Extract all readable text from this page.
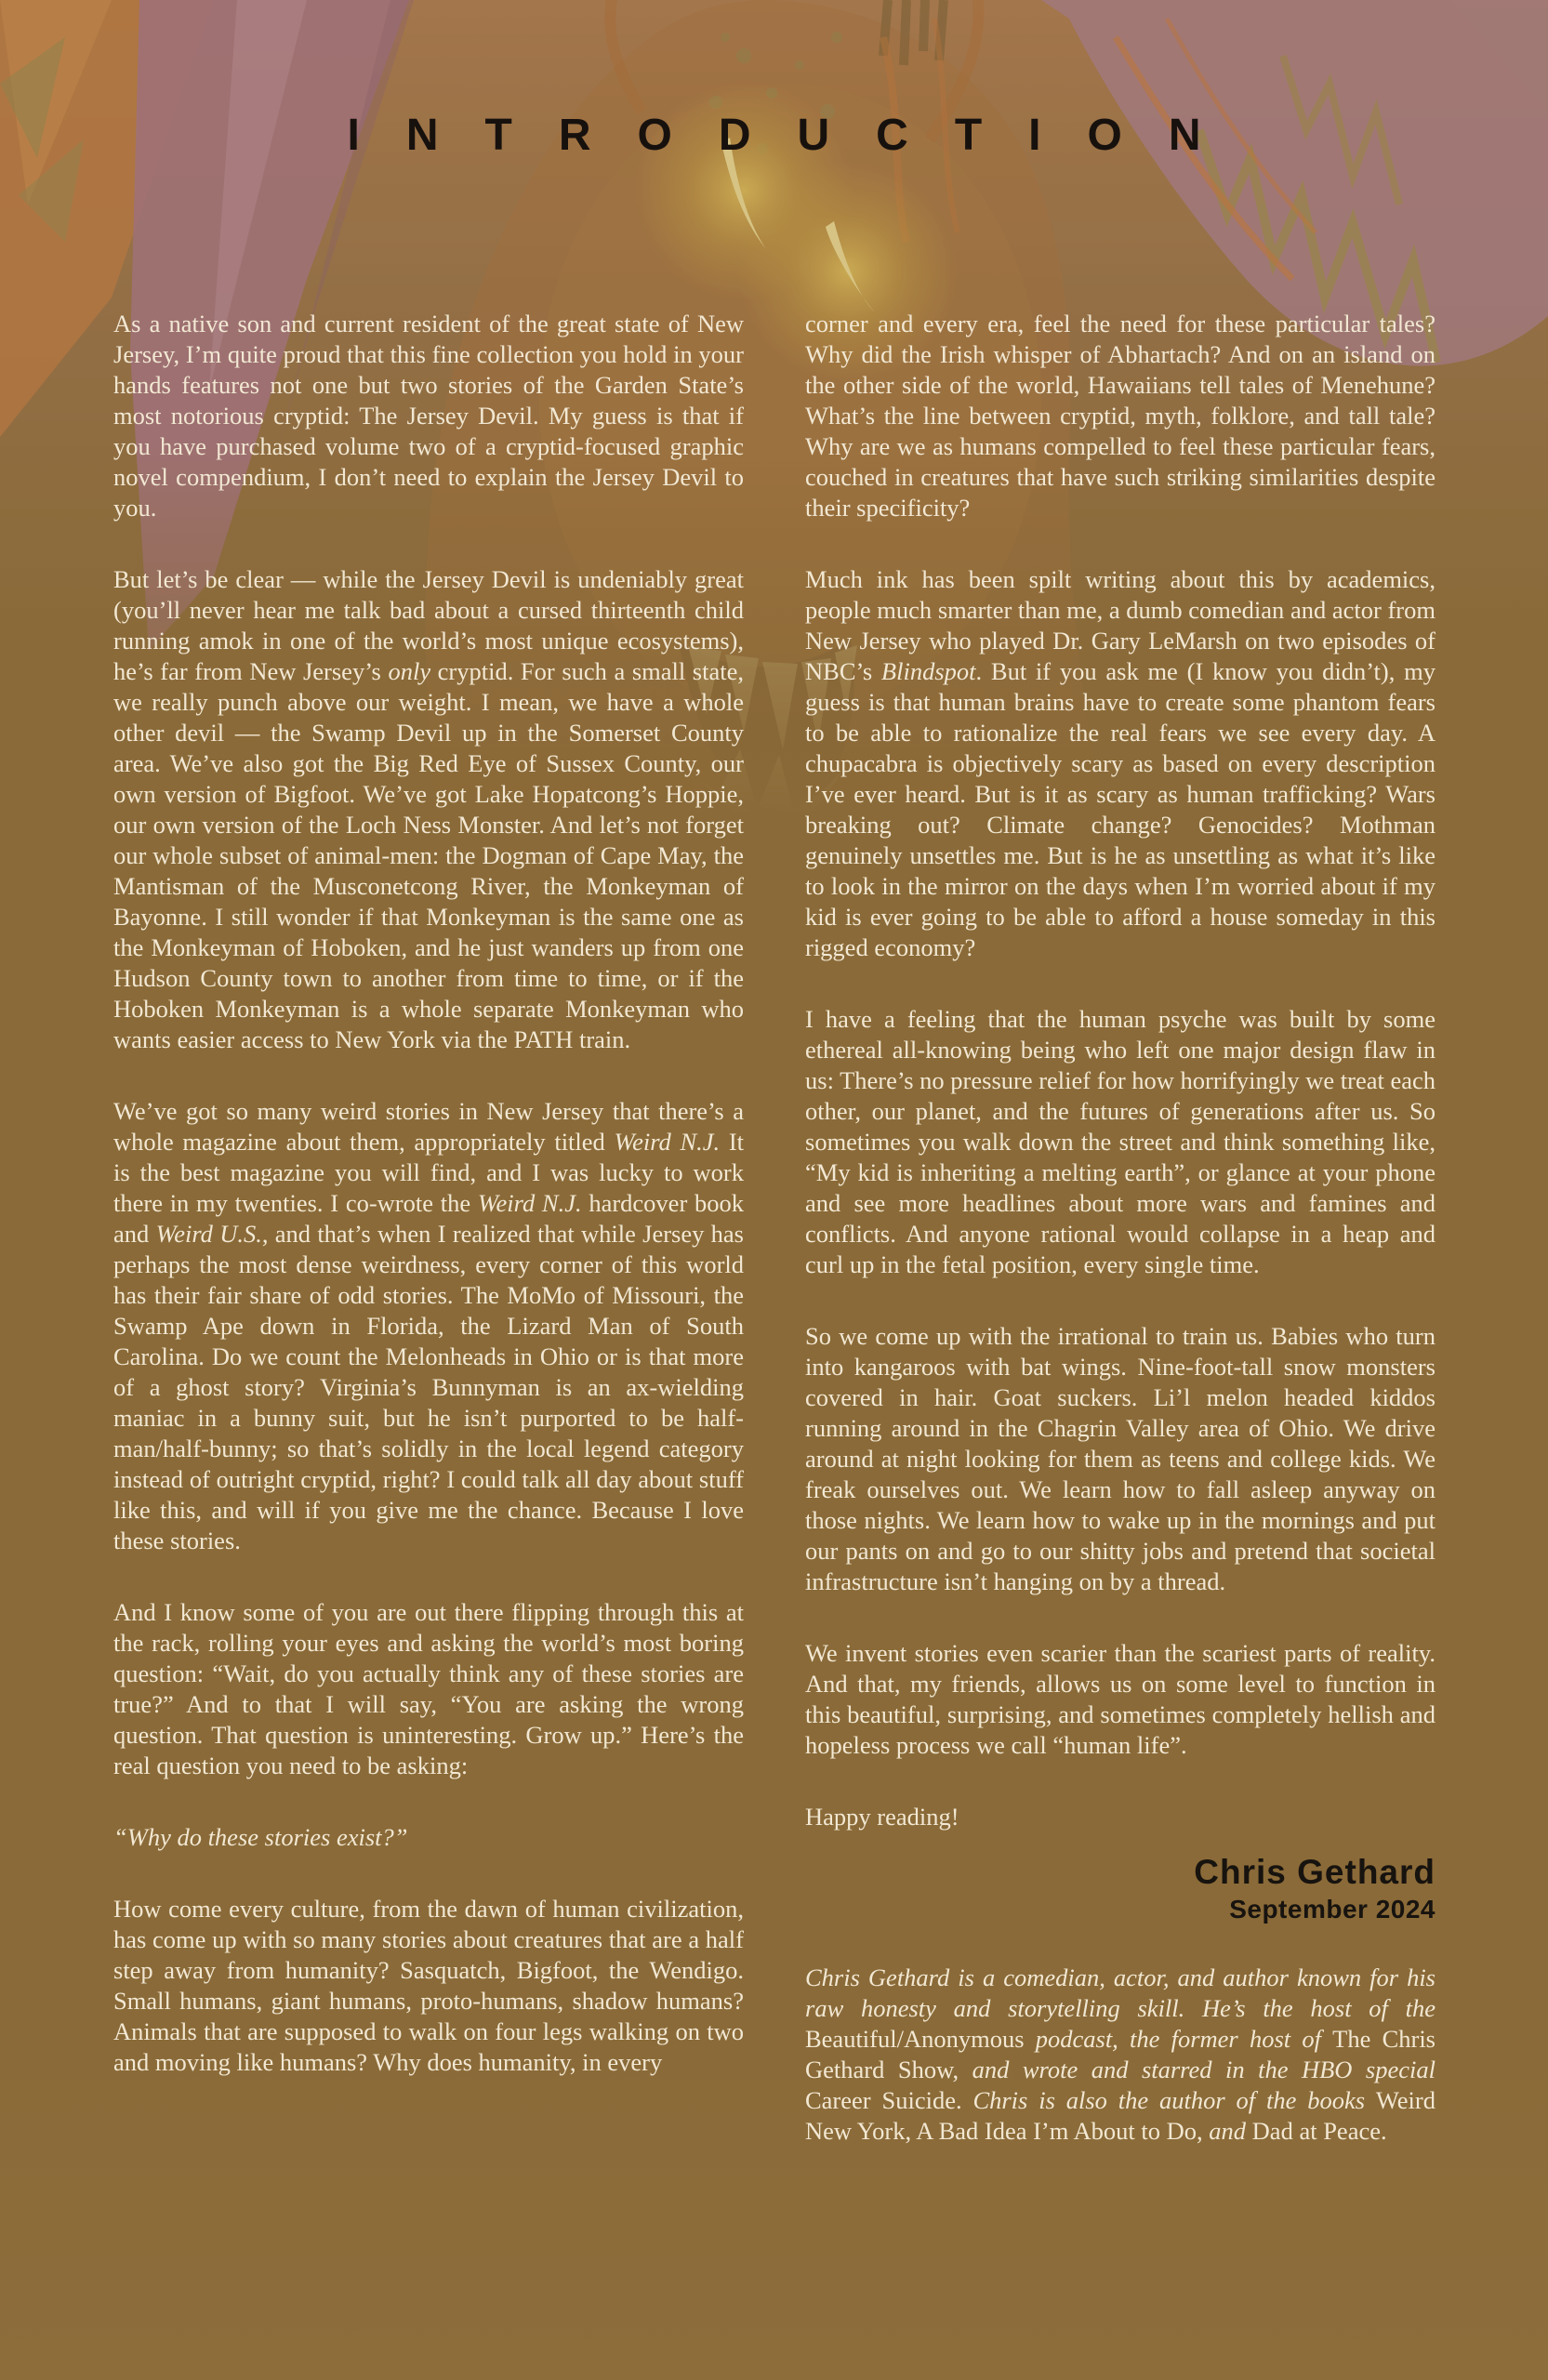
INTRODUCTION

As a native son and current resident of the great state of New Jersey, I’m quite proud that this fine collection you hold in your hands features not one but two stories of the Garden State’s most notorious cryptid: The Jersey Devil. My guess is that if you have purchased volume two of a cryptid-focused graphic novel compendium, I don’t need to explain the Jersey Devil to you.

But let’s be clear — while the Jersey Devil is undeniably great (you’ll never hear me talk bad about a cursed thirteenth child running amok in one of the world’s most unique ecosystems), he’s far from New Jersey’s only cryptid. For such a small state, we really punch above our weight. I mean, we have a whole other devil — the Swamp Devil up in the Somerset County area. We’ve also got the Big Red Eye of Sussex County, our own version of Bigfoot. We’ve got Lake Hopatcong’s Hoppie, our own version of the Loch Ness Monster. And let’s not forget our whole subset of animal-men: the Dogman of Cape May, the Mantisman of the Musconetcong River, the Monkeyman of Bayonne. I still wonder if that Monkeyman is the same one as the Monkeyman of Hoboken, and he just wanders up from one Hudson County town to another from time to time, or if the Hoboken Monkeyman is a whole separate Monkeyman who wants easier access to New York via the PATH train.

We’ve got so many weird stories in New Jersey that there’s a whole magazine about them, appropriately titled Weird N.J. It is the best magazine you will find, and I was lucky to work there in my twenties. I co-wrote the Weird N.J. hardcover book and Weird U.S., and that’s when I realized that while Jersey has perhaps the most dense weirdness, every corner of this world has their fair share of odd stories. The MoMo of Missouri, the Swamp Ape down in Florida, the Lizard Man of South Carolina. Do we count the Melonheads in Ohio or is that more of a ghost story? Virginia’s Bunnyman is an ax-wielding maniac in a bunny suit, but he isn’t purported to be half-man/half-bunny; so that’s solidly in the local legend category instead of outright cryptid, right? I could talk all day about stuff like this, and will if you give me the chance. Because I love these stories.

And I know some of you are out there flipping through this at the rack, rolling your eyes and asking the world’s most boring question: “Wait, do you actually think any of these stories are true?” And to that I will say, “You are asking the wrong question. That question is uninteresting. Grow up.” Here’s the real question you need to be asking:

“Why do these stories exist?”

How come every culture, from the dawn of human civilization, has come up with so many stories about creatures that are a half step away from humanity? Sasquatch, Bigfoot, the Wendigo. Small humans, giant humans, proto-humans, shadow humans? Animals that are supposed to walk on four legs walking on two and moving like humans? Why does humanity, in every

corner and every era, feel the need for these particular tales? Why did the Irish whisper of Abhartach? And on an island on the other side of the world, Hawaiians tell tales of Menehune? What’s the line between cryptid, myth, folklore, and tall tale? Why are we as humans compelled to feel these particular fears, couched in creatures that have such striking similarities despite their specificity?

Much ink has been spilt writing about this by academics, people much smarter than me, a dumb comedian and actor from New Jersey who played Dr. Gary LeMarsh on two episodes of NBC’s Blindspot. But if you ask me (I know you didn’t), my guess is that human brains have to create some phantom fears to be able to rationalize the real fears we see every day. A chupacabra is objectively scary as based on every description I’ve ever heard. But is it as scary as human trafficking? Wars breaking out? Climate change? Genocides? Mothman genuinely unsettles me. But is he as unsettling as what it’s like to look in the mirror on the days when I’m worried about if my kid is ever going to be able to afford a house someday in this rigged economy?

I have a feeling that the human psyche was built by some ethereal all-knowing being who left one major design flaw in us: There’s no pressure relief for how horrifyingly we treat each other, our planet, and the futures of generations after us. So sometimes you walk down the street and think something like, “My kid is inheriting a melting earth”, or glance at your phone and see more headlines about more wars and famines and conflicts. And anyone rational would collapse in a heap and curl up in the fetal position, every single time.

So we come up with the irrational to train us. Babies who turn into kangaroos with bat wings. Nine-foot-tall snow monsters covered in hair. Goat suckers. Li’l melon headed kiddos running around in the Chagrin Valley area of Ohio. We drive around at night looking for them as teens and college kids. We freak ourselves out. We learn how to fall asleep anyway on those nights. We learn how to wake up in the mornings and put our pants on and go to our shitty jobs and pretend that societal infrastructure isn’t hanging on by a thread.

We invent stories even scarier than the scariest parts of reality. And that, my friends, allows us on some level to function in this beautiful, surprising, and sometimes completely hellish and hopeless process we call “human life”.

Happy reading!

Chris Gethard
September 2024

Chris Gethard is a comedian, actor, and author known for his raw honesty and storytelling skill. He’s the host of the Beautiful/Anonymous podcast, the former host of The Chris Gethard Show, and wrote and starred in the HBO special Career Suicide. Chris is also the author of the books Weird New York, A Bad Idea I’m About to Do, and Dad at Peace.
